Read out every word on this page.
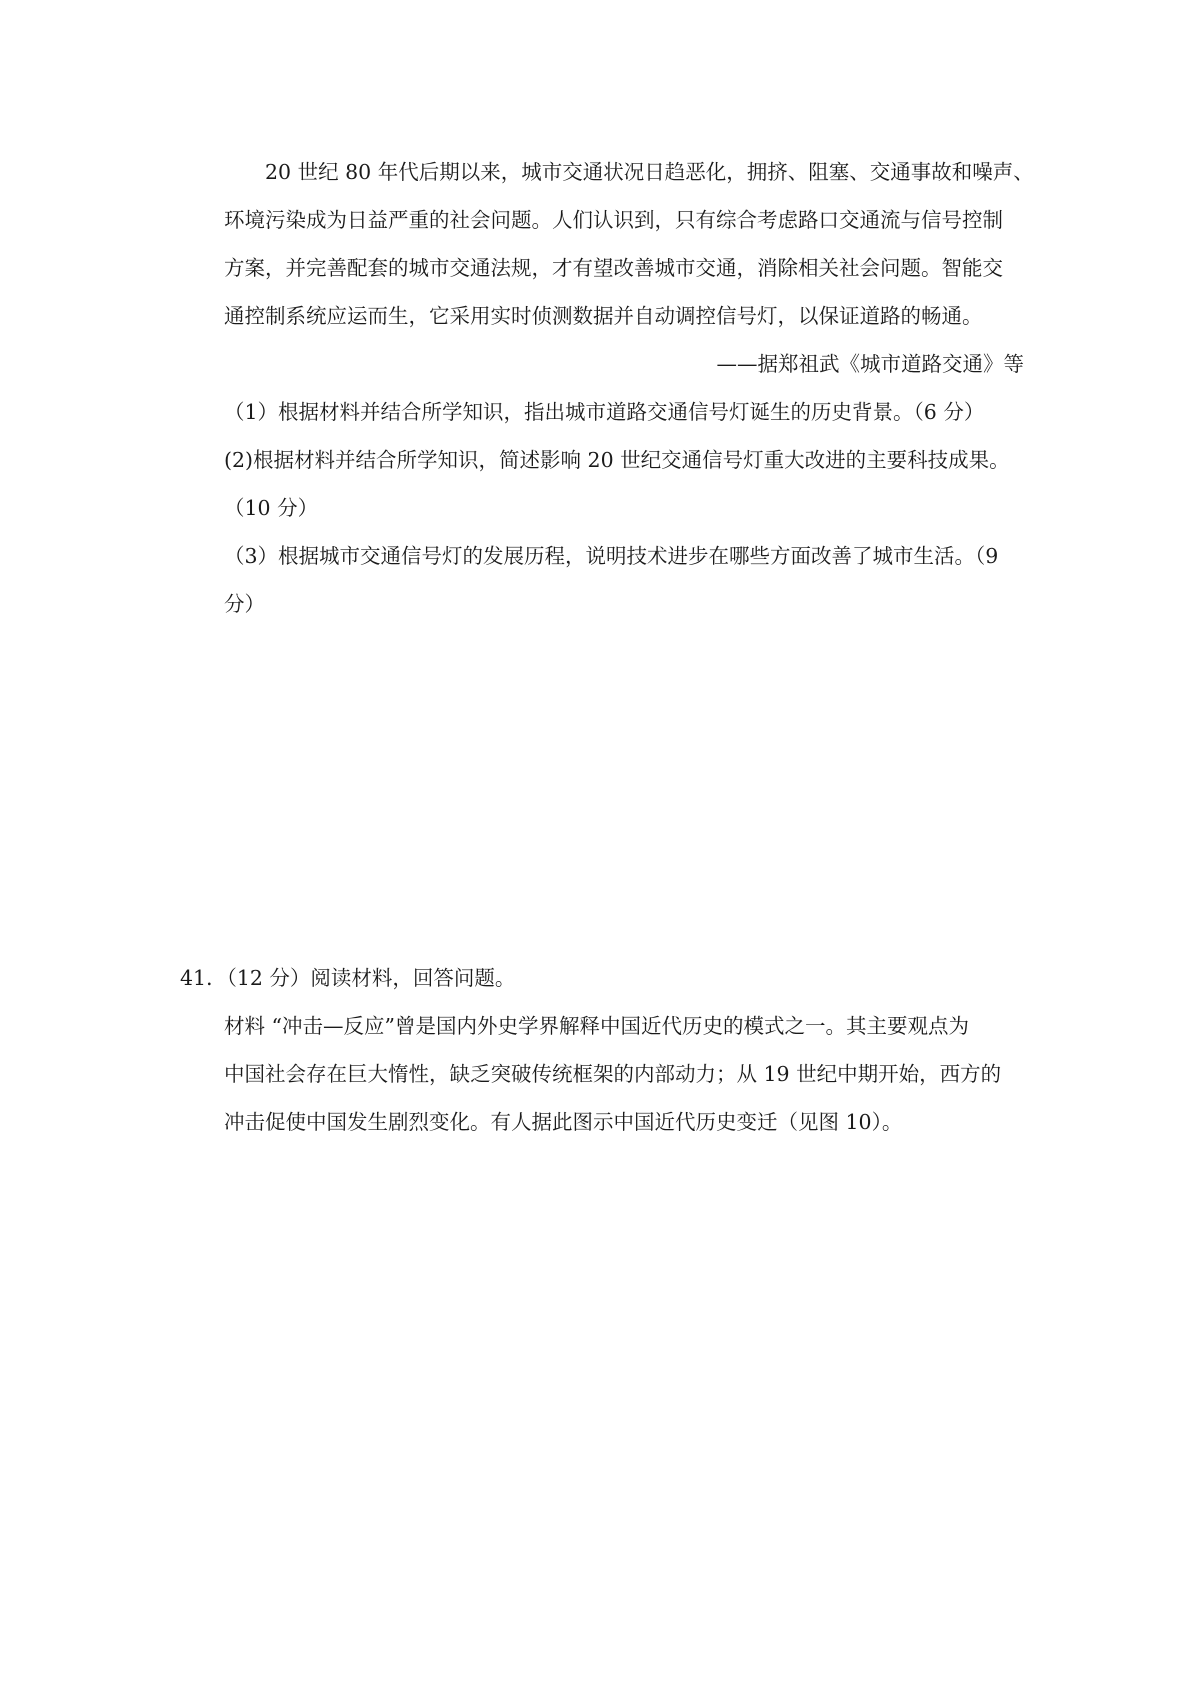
20 世纪 80 年代后期以来，城市交通状况日趋恶化，拥挤、阻塞、交通事故和噪声、
环境污染成为日益严重的社会问题。人们认识到，只有综合考虑路口交通流与信号控制
方案，并完善配套的城市交通法规，才有望改善城市交通，消除相关社会问题。智能交
通控制系统应运而生，它采用实时侦测数据并自动调控信号灯，以保证道路的畅通。
——据郑祖武《城市道路交通》等
（1）根据材料并结合所学知识，指出城市道路交通信号灯诞生的历史背景。（6 分）
(2)根据材料并结合所学知识，简述影响 20 世纪交通信号灯重大改进的主要科技成果。
（10 分）
（3）根据城市交通信号灯的发展历程，说明技术进步在哪些方面改善了城市生活。（9
分）
41．（12 分）阅读材料，回答问题。
材料 “冲击—反应”曾是国内外史学界解释中国近代历史的模式之一。其主要观点为
中国社会存在巨大惰性，缺乏突破传统框架的内部动力；从 19 世纪中期开始，西方的
冲击促使中国发生剧烈变化。有人据此图示中国近代历史变迁（见图 10）。
